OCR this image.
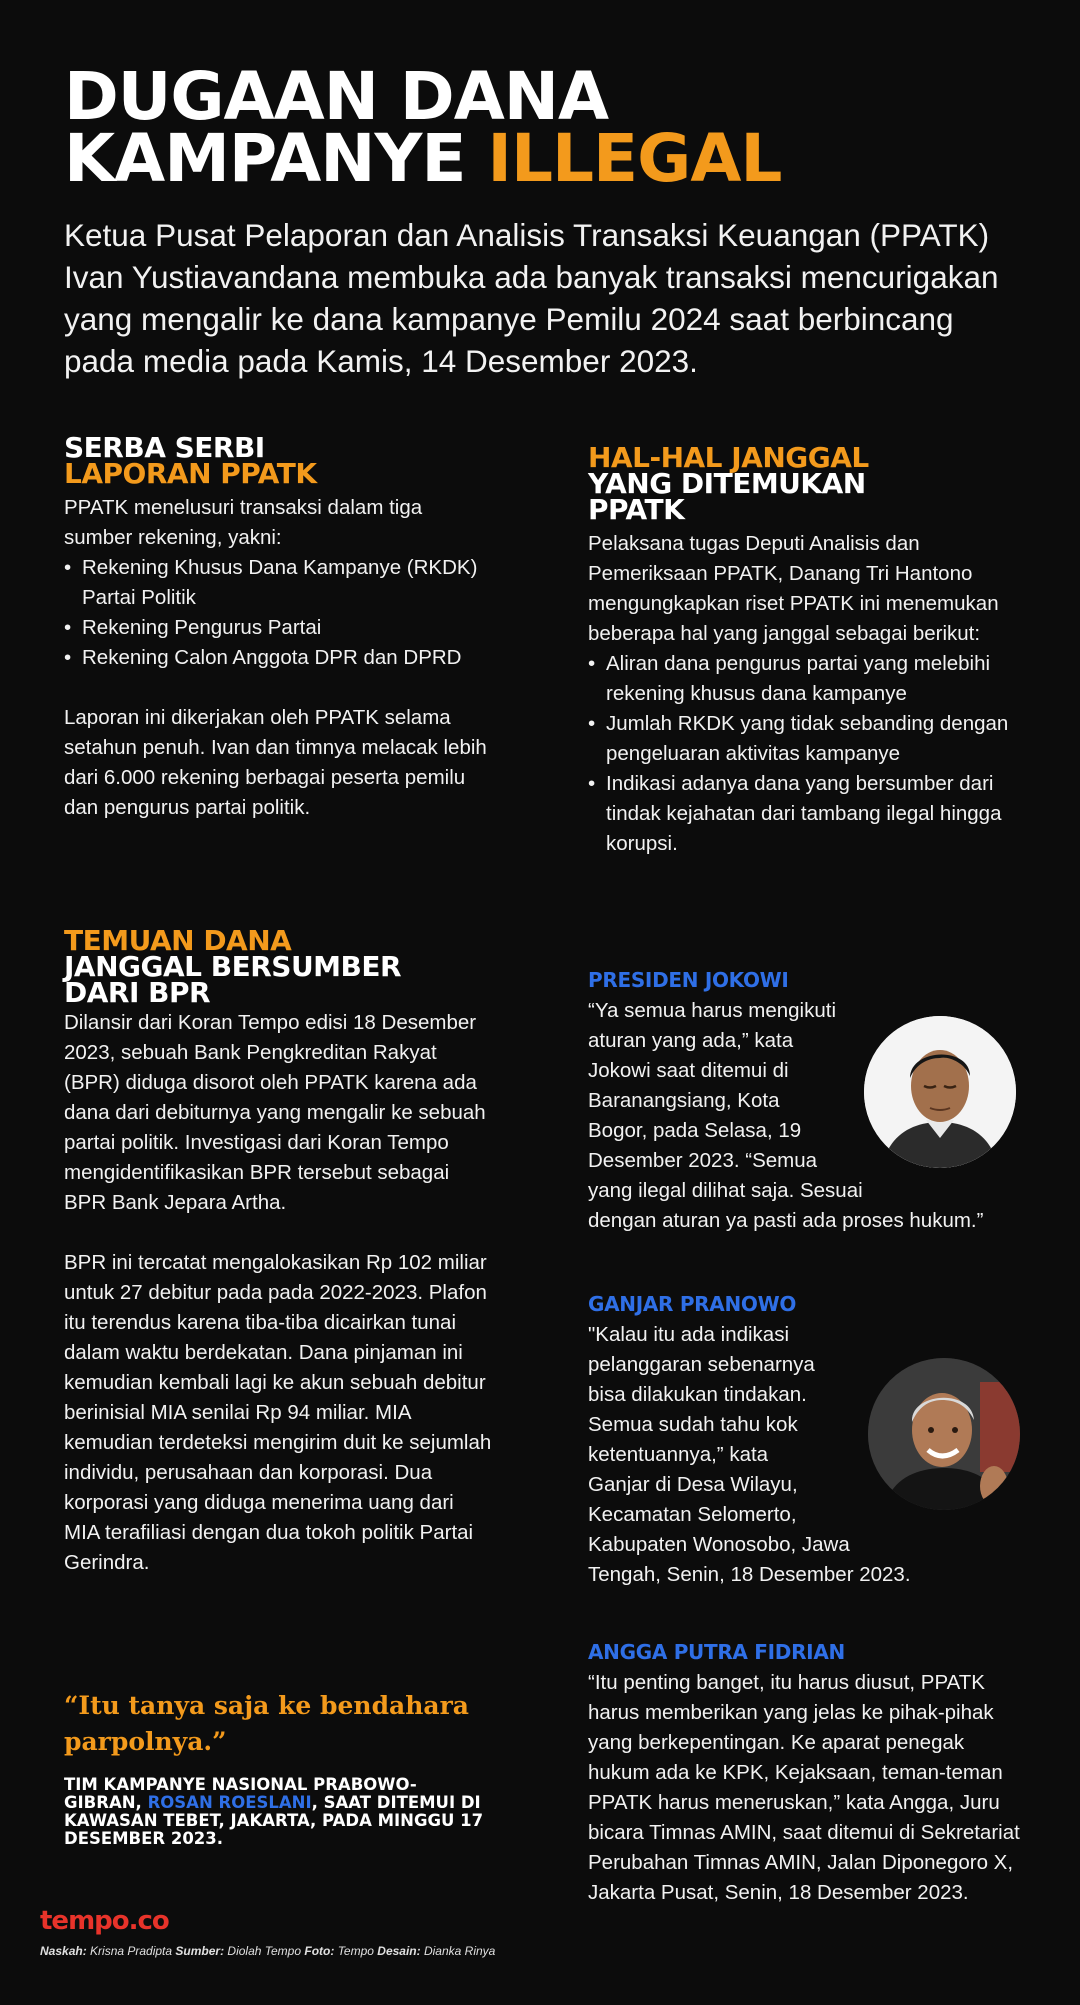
DUGAAN DANA
KAMPANYE ILLEGAL

Ketua Pusat Pelaporan dan Analisis Transaksi Keuangan (PPATK) Ivan Yustiavandana membuka ada banyak transaksi mencurigakan yang mengalir ke dana kampanye Pemilu 2024 saat berbincang pada media pada Kamis, 14 Desember 2023.

SERBA SERBI
LAPORAN PPATK

PPATK menelusuri transaksi dalam tiga sumber rekening, yakni:

• Rekening Khusus Dana Kampanye (RKDK) Partai Politik
• Rekening Pengurus Partai
• Rekening Calon Anggota DPR dan DPRD

Laporan ini dikerjakan oleh PPATK selama setahun penuh. Ivan dan timnya melacak lebih dari 6.000 rekening berbagai peserta pemilu dan pengurus partai politik.

TEMUAN DANA
JANGGAL BERSUMBER
DARI BPR

Dilansir dari Koran Tempo edisi 18 Desember 2023, sebuah Bank Pengkreditan Rakyat (BPR) diduga disorot oleh PPATK karena ada dana dari debiturnya yang mengalir ke sebuah partai politik. Investigasi dari Koran Tempo mengidentifikasikan BPR tersebut sebagai BPR Bank Jepara Artha.

BPR ini tercatat mengalokasikan Rp 102 miliar untuk 27 debitur pada pada 2022-2023. Plafon itu terendus karena tiba-tiba dicairkan tunai dalam waktu berdekatan. Dana pinjaman ini kemudian kembali lagi ke akun sebuah debitur berinisial MIA senilai Rp 94 miliar. MIA kemudian terdeteksi mengirim duit ke sejumlah individu, perusahaan dan korporasi. Dua korporasi yang diduga menerima uang dari MIA terafiliasi dengan dua tokoh politik Partai Gerindra.

“Itu tanya saja ke bendahara parpolnya.”

TIM KAMPANYE NASIONAL PRABOWO-GIBRAN, ROSAN ROESLANI, SAAT DITEMUI DI KAWASAN TEBET, JAKARTA, PADA MINGGU 17 DESEMBER 2023.

HAL-HAL JANGGAL
YANG DITEMUKAN
PPATK

Pelaksana tugas Deputi Analisis dan Pemeriksaan PPATK, Danang Tri Hantono mengungkapkan riset PPATK ini menemukan beberapa hal yang janggal sebagai berikut:

• Aliran dana pengurus partai yang melebihi rekening khusus dana kampanye
• Jumlah RKDK yang tidak sebanding dengan pengeluaran aktivitas kampanye
• Indikasi adanya dana yang bersumber dari tindak kejahatan dari tambang ilegal hingga korupsi.

PRESIDEN JOKOWI

“Ya semua harus mengikuti
aturan yang ada,” kata
Jokowi saat ditemui di
Baranangsiang, Kota
Bogor, pada Selasa, 19
Desember 2023. “Semua
yang ilegal dilihat saja. Sesuai
dengan aturan ya pasti ada proses hukum.”

GANJAR PRANOWO

"Kalau itu ada indikasi
pelanggaran sebenarnya
bisa dilakukan tindakan.
Semua sudah tahu kok
ketentuannya,” kata
Ganjar di Desa Wilayu,
Kecamatan Selomerto,
Kabupaten Wonosobo, Jawa
Tengah, Senin, 18 Desember 2023.

ANGGA PUTRA FIDRIAN

“Itu penting banget, itu harus diusut, PPATK harus memberikan yang jelas ke pihak-pihak yang berkepentingan. Ke aparat penegak hukum ada ke KPK, Kejaksaan, teman-teman PPATK harus meneruskan,” kata Angga, Juru bicara Timnas AMIN, saat ditemui di Sekretariat Perubahan Timnas AMIN, Jalan Diponegoro X, Jakarta Pusat, Senin, 18 Desember 2023.

tempo.co
Naskah: Krisna Pradipta Sumber: Diolah Tempo Foto: Tempo Desain: Dianka Rinya
